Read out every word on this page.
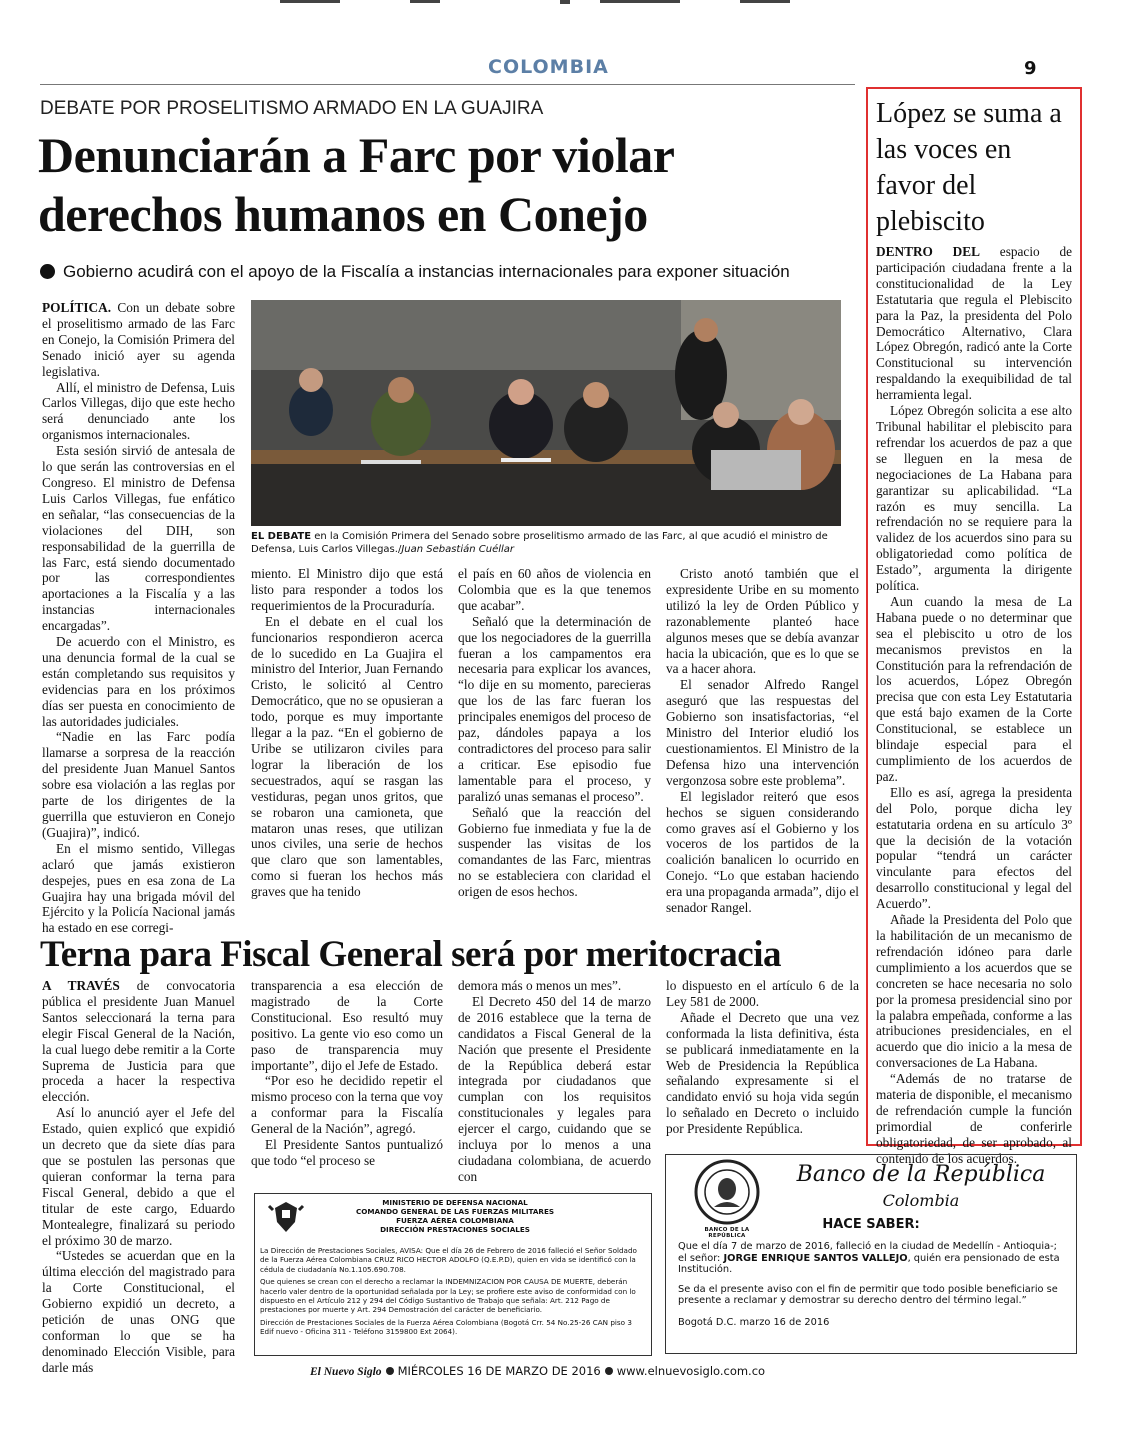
COLOMBIA	9
DEBATE POR PROSELITISMO ARMADO EN LA GUAJIRA
Denunciarán a Farc por violar
derechos humanos en Conejo
Gobierno acudirá con el apoyo de la Fiscalía a instancias internacionales para exponer situación

POLÍTICA. Con un debate sobre el proselitismo armado de las Farc en Conejo, la Comisión Primera del Senado inició ayer su agenda legislativa.

Allí, el ministro de Defensa, Luis Carlos Villegas, dijo que este hecho será denunciado ante los organismos internacionales.

Esta sesión sirvió de antesala de lo que serán las controversias en el Congreso. El ministro de Defensa Luis Carlos Villegas, fue enfático en señalar, “las consecuencias de la violaciones del DIH, son responsabilidad de la guerrilla de las Farc, está siendo documentado por las correspondientes aportaciones a la Fiscalía y a las instancias internacionales encargadas”.

De acuerdo con el Ministro, es una denuncia formal de la cual se están completando sus requisitos y evidencias para en los próximos días ser puesta en conocimiento de las autoridades judiciales.

“Nadie en las Farc podía llamarse a sorpresa de la reacción del presidente Juan Manuel Santos sobre esa violación a las reglas por parte de los dirigentes de la guerrilla que estuvieron en Conejo (Guajira)”, indicó.

En el mismo sentido, Villegas aclaró que jamás existieron despejes, pues en esa zona de La Guajira hay una brigada móvil del Ejército y la Policía Nacional jamás ha estado en ese corregi-

EL DEBATE en la Comisión Primera del Senado sobre proselitismo armado de las Farc, al que acudió el ministro de Defensa, Luis Carlos Villegas./Juan Sebastián Cuéllar

miento. El Ministro dijo que está listo para responder a todos los requerimientos de la Procuraduría.

En el debate en el cual los funcionarios respondieron acerca de lo sucedido en La Guajira el ministro del Interior, Juan Fernando Cristo, le solicitó al Centro Democrático, que no se opusieran a todo, porque es muy importante llegar a la paz. “En el gobierno de Uribe se utilizaron civiles para lograr la liberación de los secuestrados, aquí se rasgan las vestiduras, pegan unos gritos, que se robaron una camioneta, que mataron unas reses, que utilizan unos civiles, una serie de hechos que claro que son lamentables, como si fueran los hechos más graves que ha tenido

el país en 60 años de violencia en Colombia que es la que tenemos que acabar”.

Señaló que la determinación de que los negociadores de la guerrilla fueran a los campamentos era necesaria para explicar los avances, “lo dije en su momento, parecieras que los de las farc fueran los principales enemigos del proceso de paz, dándoles papaya a los contradictores del proceso para salir a criticar. Ese episodio fue lamentable para el proceso, y paralizó unas semanas el proceso”.

Señaló que la reacción del Gobierno fue inmediata y fue la de suspender las visitas de los comandantes de las Farc, mientras no se estableciera con claridad el origen de esos hechos.

Cristo anotó también que el expresidente Uribe en su momento utilizó la ley de Orden Público y razonablemente planteó hace algunos meses que se debía avanzar hacia la ubicación, que es lo que se va a hacer ahora.

El senador Alfredo Rangel aseguró que las respuestas del Gobierno son insatisfactorias, “el Ministro del Interior eludió los cuestionamientos. El Ministro de la Defensa hizo una intervención vergonzosa sobre este problema”.

El legislador reiteró que esos hechos se siguen considerando como graves así el Gobierno y los voceros de los partidos de la coalición banalicen lo ocurrido en Conejo. “Lo que estaban haciendo era una propaganda armada”, dijo el senador Rangel.

Terna para Fiscal General será por meritocracia

A TRAVÉS de convocatoria pública el presidente Juan Manuel Santos seleccionará la terna para elegir Fiscal General de la Nación, la cual luego debe remitir a la Corte Suprema de Justicia para que proceda a hacer la respectiva elección.

Así lo anunció ayer el Jefe del Estado, quien explicó que expidió un decreto que da siete días para que se postulen las personas que quieran conformar la terna para Fiscal General, debido a que el titular de este cargo, Eduardo Montealegre, finalizará su periodo el próximo 30 de marzo.

“Ustedes se acuerdan que en la última elección del magistrado para la Corte Constitucional, el Gobierno expidió un decreto, a petición de unas ONG que conforman lo que se ha denominado Elección Visible, para darle más

transparencia a esa elección de magistrado de la Corte Constitucional. Eso resultó muy positivo. La gente vio eso como un paso de transparencia muy importante”, dijo el Jefe de Estado.

“Por eso he decidido repetir el mismo proceso con la terna que voy a conformar para la Fiscalía General de la Nación”, agregó.

El Presidente Santos puntualizó que todo “el proceso se

demora más o menos un mes”.

El Decreto 450 del 14 de marzo de 2016 establece que la terna de candidatos a Fiscal General de la Nación que presente el Presidente de la República deberá estar integrada por ciudadanos que cumplan con los requisitos constitucionales y legales para ejercer el cargo, cuidando que se incluya por lo menos a una ciudadana colombiana, de acuerdo con

lo dispuesto en el artículo 6 de la Ley 581 de 2000.

Añade el Decreto que una vez conformada la lista definitiva, ésta se publicará inmediatamente en la Web de Presidencia la República señalando expresamente si el candidato envió su hoja vida según lo señalado en Decreto o incluido por Presidente República.

López se suma a las voces en favor del plebiscito

DENTRO DEL espacio de participación ciudadana frente a la constitucionalidad de la Ley Estatutaria que regula el Plebiscito para la Paz, la presidenta del Polo Democrático Alternativo, Clara López Obregón, radicó ante la Corte Constitucional su intervención respaldando la exequibilidad de tal herramienta legal.

López Obregón solicita a ese alto Tribunal habilitar el plebiscito para refrendar los acuerdos de paz a que se lleguen en la mesa de negociaciones de La Habana para garantizar su aplicabilidad. “La razón es muy sencilla. La refrendación no se requiere para la validez de los acuerdos sino para su obligatoriedad como política de Estado”, argumenta la dirigente política.

Aun cuando la mesa de La Habana puede o no determinar que sea el plebiscito u otro de los mecanismos previstos en la Constitución para la refrendación de los acuerdos, López Obregón precisa que con esta Ley Estatutaria que está bajo examen de la Corte Constitucional, se establece un blindaje especial para el cumplimiento de los acuerdos de paz.

Ello es así, agrega la presidenta del Polo, porque dicha ley estatutaria ordena en su artículo 3º que la decisión de la votación popular “tendrá un carácter vinculante para efectos del desarrollo constitucional y legal del Acuerdo”.

Añade la Presidenta del Polo que la habilitación de un mecanismo de refrendación idóneo para darle cumplimiento a los acuerdos que se concreten se hace necesaria no solo por la promesa presidencial sino por la palabra empeñada, conforme a las atribuciones presidenciales, en el acuerdo que dio inicio a la mesa de conversaciones de La Habana.

“Además de no tratarse de materia de disponible, el mecanismo de refrendación cumple la función primordial de conferirle obligatoriedad, de ser aprobado, al contenido de los acuerdos.

MINISTERIO DE DEFENSA NACIONAL
COMANDO GENERAL DE LAS FUERZAS MILITARES
FUERZA AÉREA COLOMBIANA
DIRECCIÓN PRESTACIONES SOCIALES

La Dirección de Prestaciones Sociales, AVISA: Que el día 26 de Febrero de 2016 falleció el Señor Soldado de la Fuerza Aérea Colombiana CRUZ RICO HECTOR ADOLFO (Q.E.P.D), quien en vida se identificó con la cédula de ciudadanía No.1.105.690.708.

Que quienes se crean con el derecho a reclamar la INDEMNIZACION POR CAUSA DE MUERTE, deberán hacerlo valer dentro de la oportunidad señalada por la Ley; se profiere este aviso de conformidad con lo dispuesto en el Artículo 212 y 294 del Código Sustantivo de Trabajo que señala: Art. 212 Pago de prestaciones por muerte y Art. 294 Demostración del carácter de beneficiario.

Dirección de Prestaciones Sociales de la Fuerza Aérea Colombiana (Bogotá Crr. 54 No.25-26 CAN piso 3 Edif nuevo - Oficina 311 - Teléfono 3159800 Ext 2064).

BANCO DE LA REPÚBLICA
Banco de la República
Colombia
HACE SABER:

Que el día 7 de marzo de 2016, falleció en la ciudad de Medellín - Antioquia-; el señor: JORGE ENRIQUE SANTOS VALLEJO, quién era pensionado de esta Institución.

Se da el presente aviso con el fin de permitir que todo posible beneficiario se presente a reclamar y demostrar su derecho dentro del término legal.”

Bogotá D.C. marzo 16 de 2016

El Nuevo Siglo MIÉRCOLES 16 DE MARZO DE 2016 www.elnuevosiglo.com.co
